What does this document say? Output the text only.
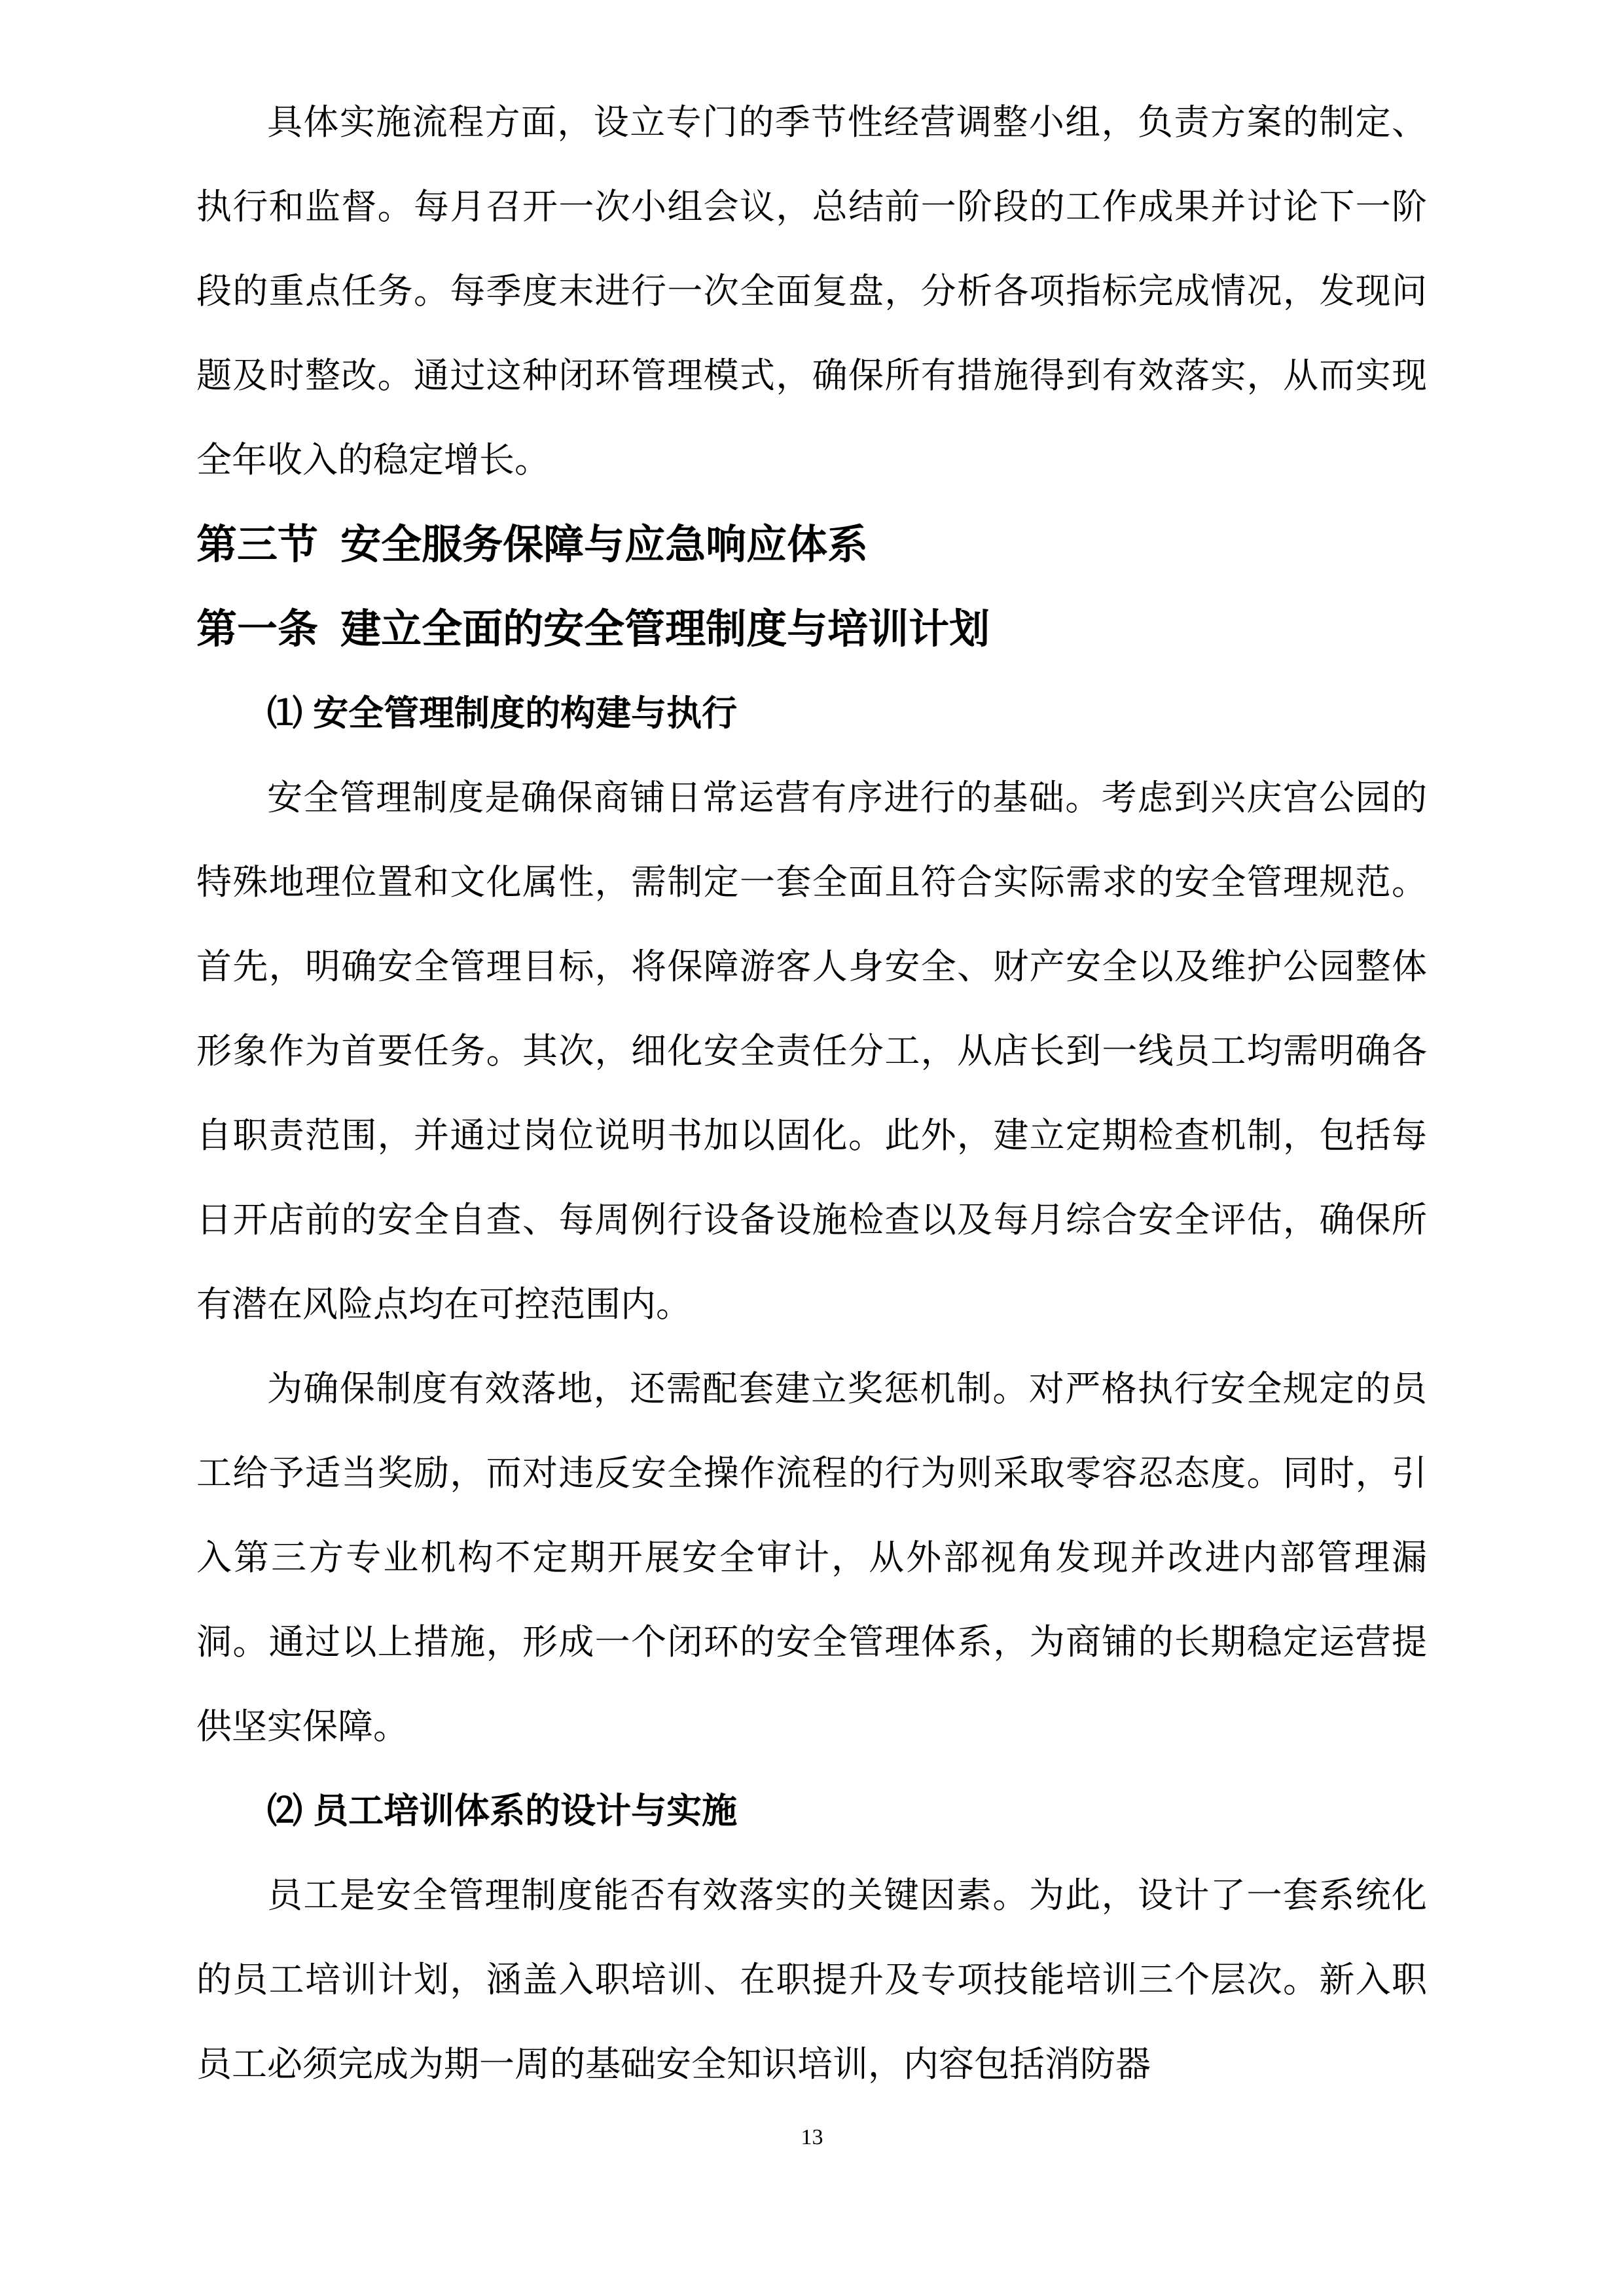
具体实施流程方面，设立专门的季节性经营调整小组，负责方案的制定、执行和监督。每月召开一次小组会议，总结前一阶段的工作成果并讨论下一阶段的重点任务。每季度末进行一次全面复盘，分析各项指标完成情况，发现问题及时整改。通过这种闭环管理模式，确保所有措施得到有效落实，从而实现全年收入的稳定增长。

第三节 安全服务保障与应急响应体系
第一条 建立全面的安全管理制度与培训计划
⑴ 安全管理制度的构建与执行

安全管理制度是确保商铺日常运营有序进行的基础。考虑到兴庆宫公园的特殊地理位置和文化属性，需制定一套全面且符合实际需求的安全管理规范。首先，明确安全管理目标，将保障游客人身安全、财产安全以及维护公园整体形象作为首要任务。其次，细化安全责任分工，从店长到一线员工均需明确各自职责范围，并通过岗位说明书加以固化。此外，建立定期检查机制，包括每日开店前的安全自查、每周例行设备设施检查以及每月综合安全评估，确保所有潜在风险点均在可控范围内。

为确保制度有效落地，还需配套建立奖惩机制。对严格执行安全规定的员工给予适当奖励，而对违反安全操作流程的行为则采取零容忍态度。同时，引入第三方专业机构不定期开展安全审计，从外部视角发现并改进内部管理漏洞。通过以上措施，形成一个闭环的安全管理体系，为商铺的长期稳定运营提供坚实保障。

⑵ 员工培训体系的设计与实施

员工是安全管理制度能否有效落实的关键因素。为此，设计了一套系统化的员工培训计划，涵盖入职培训、在职提升及专项技能培训三个层次。新入职员工必须完成为期一周的基础安全知识培训，内容包括消防器

13
